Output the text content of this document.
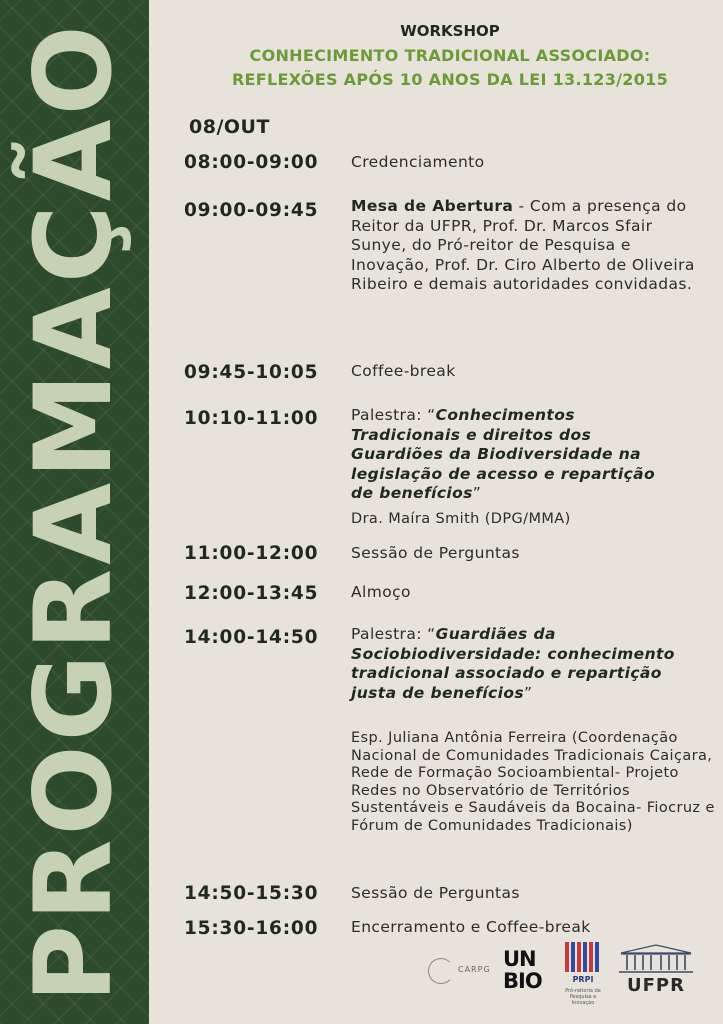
PROGRAMAÇÃO	WORKSHOP
CONHECIMENTO TRADICIONAL ASSOCIADO:
REFLEXÕES APÓS 10 ANOS DA LEI 13.123/2015
08/OUT
08:00-09:00 Credenciamento
09:00-09:45 Mesa de Abertura - Com a presença do Reitor da UFPR, Prof. Dr. Marcos Sfair Sunye, do Pró-reitor de Pesquisa e Inovação, Prof. Dr. Ciro Alberto de Oliveira Ribeiro e demais autoridades convidadas.
09:45-10:05 Coffee-break
10:10-11:00 Palestra: “Conhecimentos Tradicionais e direitos dos Guardiões da Biodiversidade na legislação de acesso e repartição de benefícios”
Dra. Maíra Smith (DPG/MMA)
11:00-12:00 Sessão de Perguntas
12:00-13:45 Almoço
14:00-14:50 Palestra: “Guardiães da Sociobiodiversidade: conhecimento tradicional associado e repartição justa de benefícios”
Esp. Juliana Antônia Ferreira (Coordenação Nacional de Comunidades Tradicionais Caiçara, Rede de Formação Socioambiental- Projeto Redes no Observatório de Territórios Sustentáveis e Saudáveis da Bocaina- Fiocruz e Fórum de Comunidades Tradicionais)
14:50-15:30 Sessão de Perguntas
15:30-16:00 Encerramento e Coffee-break
CARPG UN
BIO	PRPI
Pró-reitoria de Pesquisa e Inovação
UFPR
